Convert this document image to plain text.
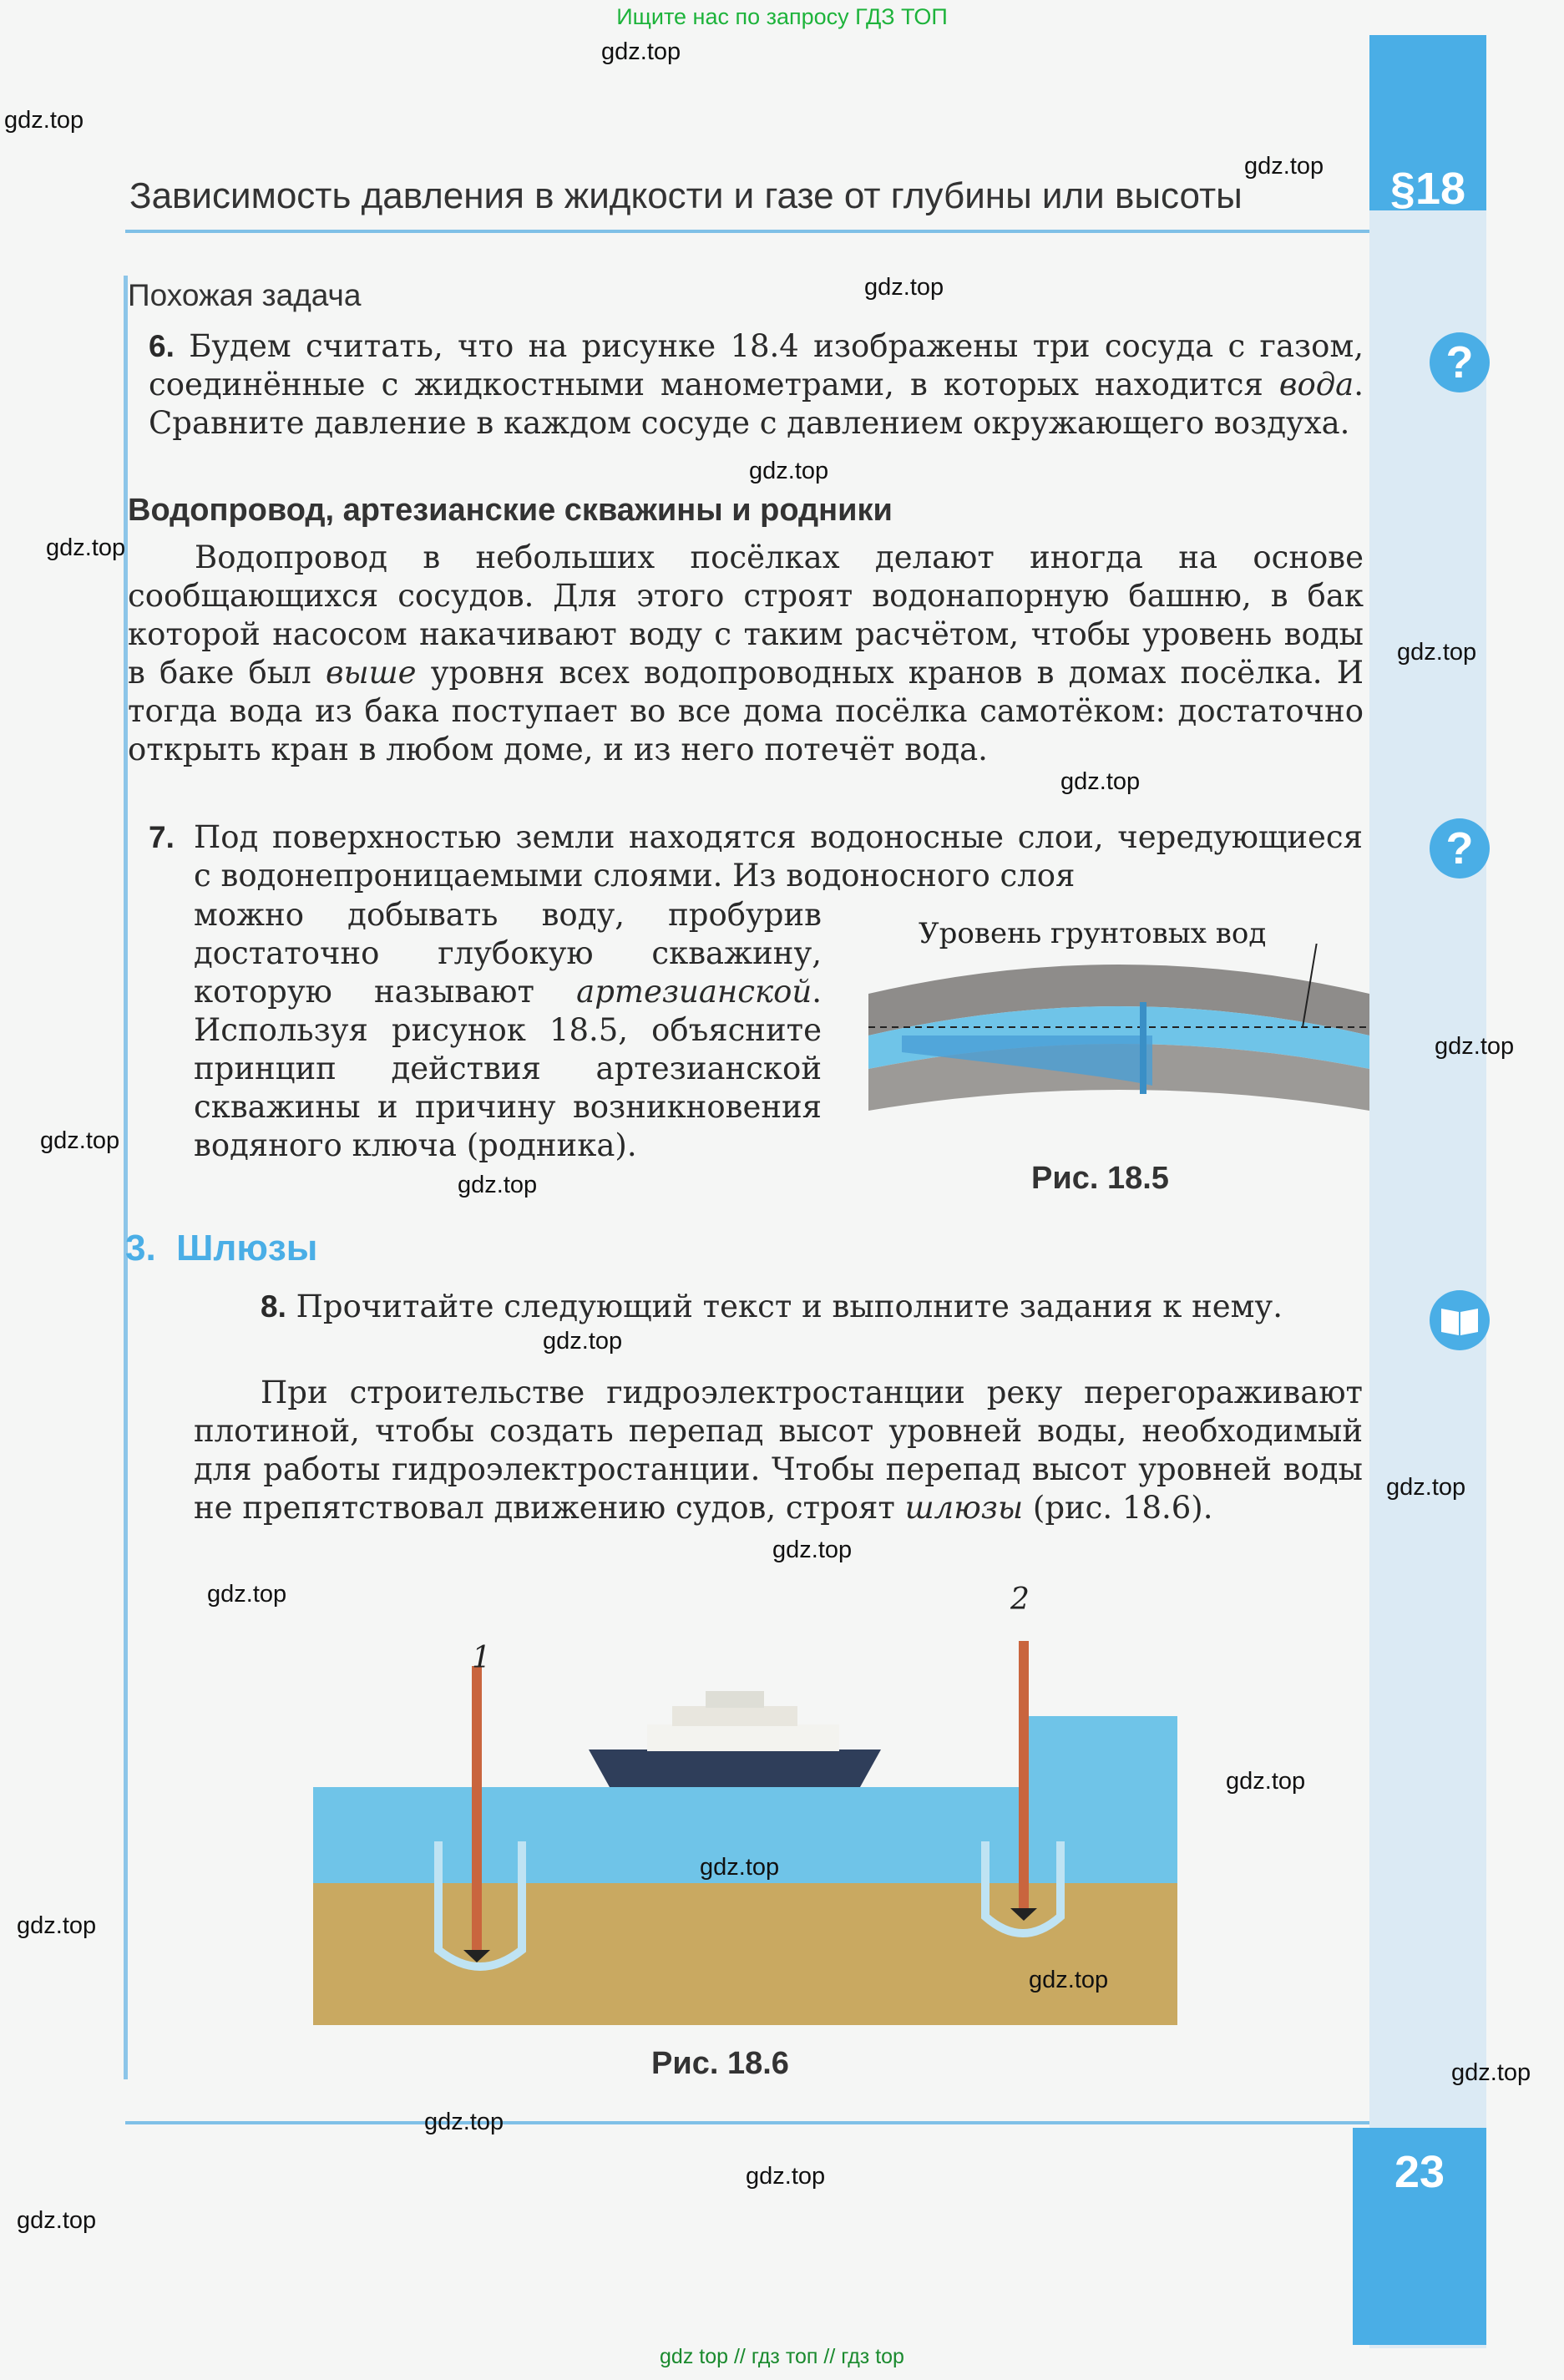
Ищите нас по запросу ГДЗ ТОП
§18
23
Зависимость давления в жидкости и газе от глубины или высоты
?
?
Похожая задача
6. Будем считать, что на рисунке 18.4 изображены три сосуда с газом, соединённые с жидкостными манометрами, в которых находится вода. Сравните давление в каждом сосуде с давлением окружающего воздуха.
Водопровод, артезианские скважины и родники
Водопровод в небольших посёлках делают иногда на основе сообщающихся сосудов. Для этого строят водонапорную башню, в бак которой насосом накачивают воду с таким расчётом, чтобы уровень воды в баке был выше уровня всех водопроводных кранов в домах посёлка. И тогда вода из бака поступает во все дома посёлка самотёком: достаточно открыть кран в любом доме, и из него потечёт вода.
7. Под поверхностью земли находятся водоносные слои, чередующиеся с водонепроницаемыми слоями. Из водоносного слоя
можно добывать воду, пробурив достаточно глубокую скважину, которую называют артезианской. Используя рисунок 18.5, объясните принцип действия артезианской скважины и причину возникновения водяного ключа (родника).
Уровень грунтовых вод
Рис. 18.5
3. Шлюзы
8. Прочитайте следующий текст и выполните задания к нему.
При строительстве гидроэлектростанции реку перегораживают плотиной, чтобы создать перепад высот уровней воды, необходимый для работы гидроэлектростанции. Чтобы перепад высот уровней воды не препятствовал движению судов, строят шлюзы (рис. 18.6).
1
2
Рис. 18.6
gdz.top
gdz.top
gdz.top
gdz.top
gdz.top
gdz.top
gdz.top
gdz.top
gdz.top
gdz.top
gdz.top
gdz.top
gdz.top
gdz.top
gdz.top
gdz.top
gdz.top
gdz.top
gdz.top
gdz.top
gdz.top
gdz.top
gdz.top
gdz top // гдз топ // гдз top
